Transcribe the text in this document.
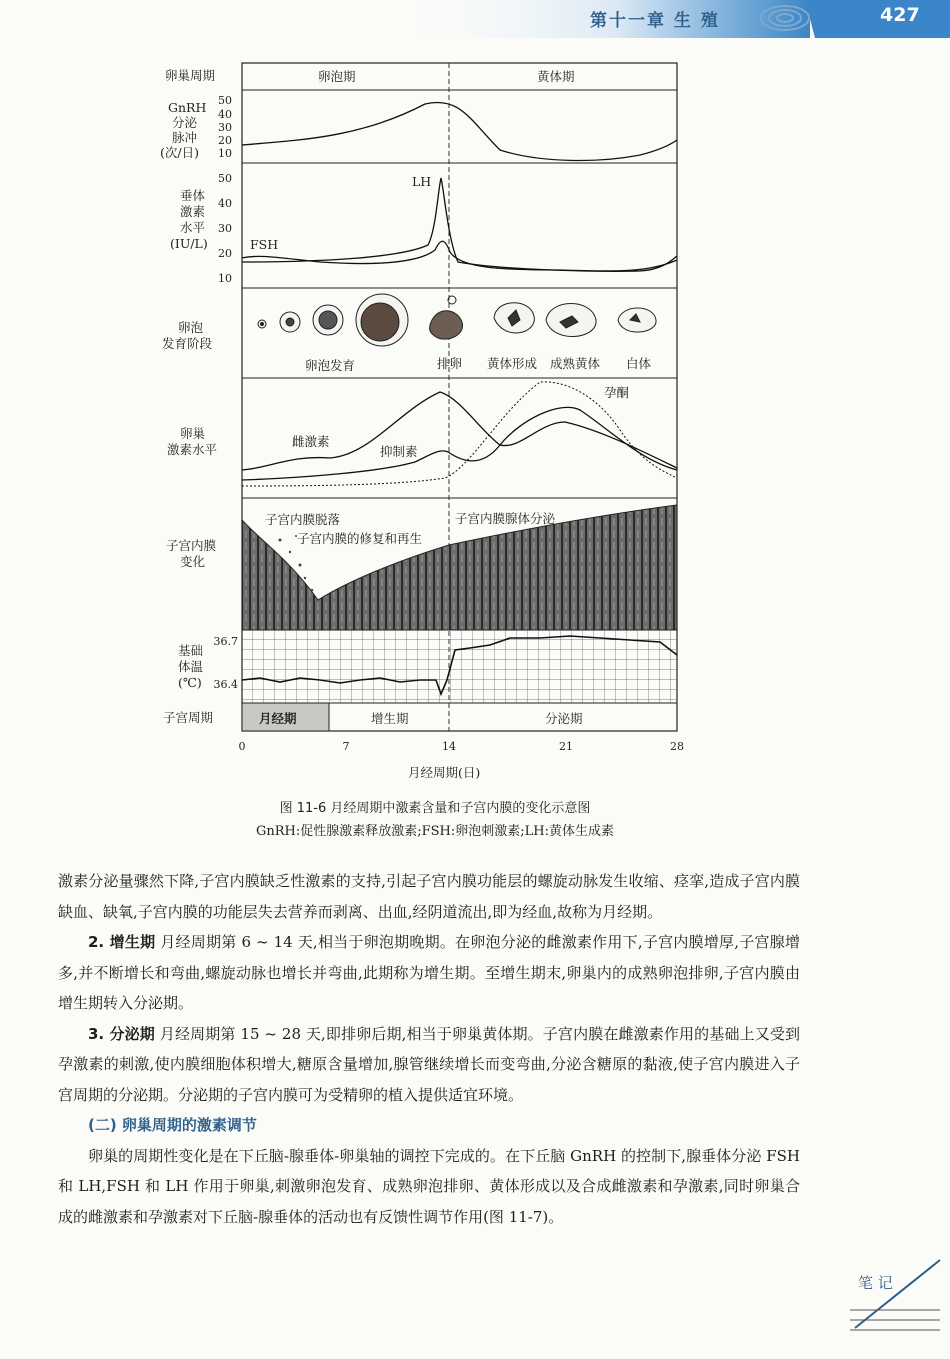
第十一章 生 殖	427
卵巢周期
GnRH
分泌
脉冲
(次/日)
垂体
激素
水平
(IU/L)
卵泡
发育阶段
卵巢
激素水平
子宫内膜
变化
基础
体温
(℃)
子宫周期
卵泡期	黄体期
50
40
30
20
10
50
40
30
20
10
LH
FSH
卵泡发育	排卵 黄体形成 成熟黄体 白体
雌激素
抑制素
孕酮
子宫内膜脱落
子宫内膜的修复和再生
子宫内膜腺体分泌
36.7
36.4
月经期	增生期	分泌期
0	7	14	21	28
月经周期(日)
图 11-6 月经周期中激素含量和子宫内膜的变化示意图
GnRH:促性腺激素释放激素;FSH:卵泡刺激素;LH:黄体生成素

激素分泌量骤然下降,子宫内膜缺乏性激素的支持,引起子宫内膜功能层的螺旋动脉发生收缩、痉挛,造成子宫内膜缺血、缺氧,子宫内膜的功能层失去营养而剥离、出血,经阴道流出,即为经血,故称为月经期。

2. 增生期 月经周期第 6 ~ 14 天,相当于卵泡期晚期。在卵泡分泌的雌激素作用下,子宫内膜增厚,子宫腺增多,并不断增长和弯曲,螺旋动脉也增长并弯曲,此期称为增生期。至增生期末,卵巢内的成熟卵泡排卵,子宫内膜由增生期转入分泌期。

3. 分泌期 月经周期第 15 ~ 28 天,即排卵后期,相当于卵巢黄体期。子宫内膜在雌激素作用的基础上又受到孕激素的刺激,使内膜细胞体积增大,糖原含量增加,腺管继续增长而变弯曲,分泌含糖原的黏液,使子宫内膜进入子宫周期的分泌期。分泌期的子宫内膜可为受精卵的植入提供适宜环境。

(二) 卵巢周期的激素调节

卵巢的周期性变化是在下丘脑-腺垂体-卵巢轴的调控下完成的。在下丘脑 GnRH 的控制下,腺垂体分泌 FSH 和 LH,FSH 和 LH 作用于卵巢,刺激卵泡发育、成熟卵泡排卵、黄体形成以及合成雌激素和孕激素,同时卵巢合成的雌激素和孕激素对下丘脑-腺垂体的活动也有反馈性调节作用(图 11-7)。

笔 记
